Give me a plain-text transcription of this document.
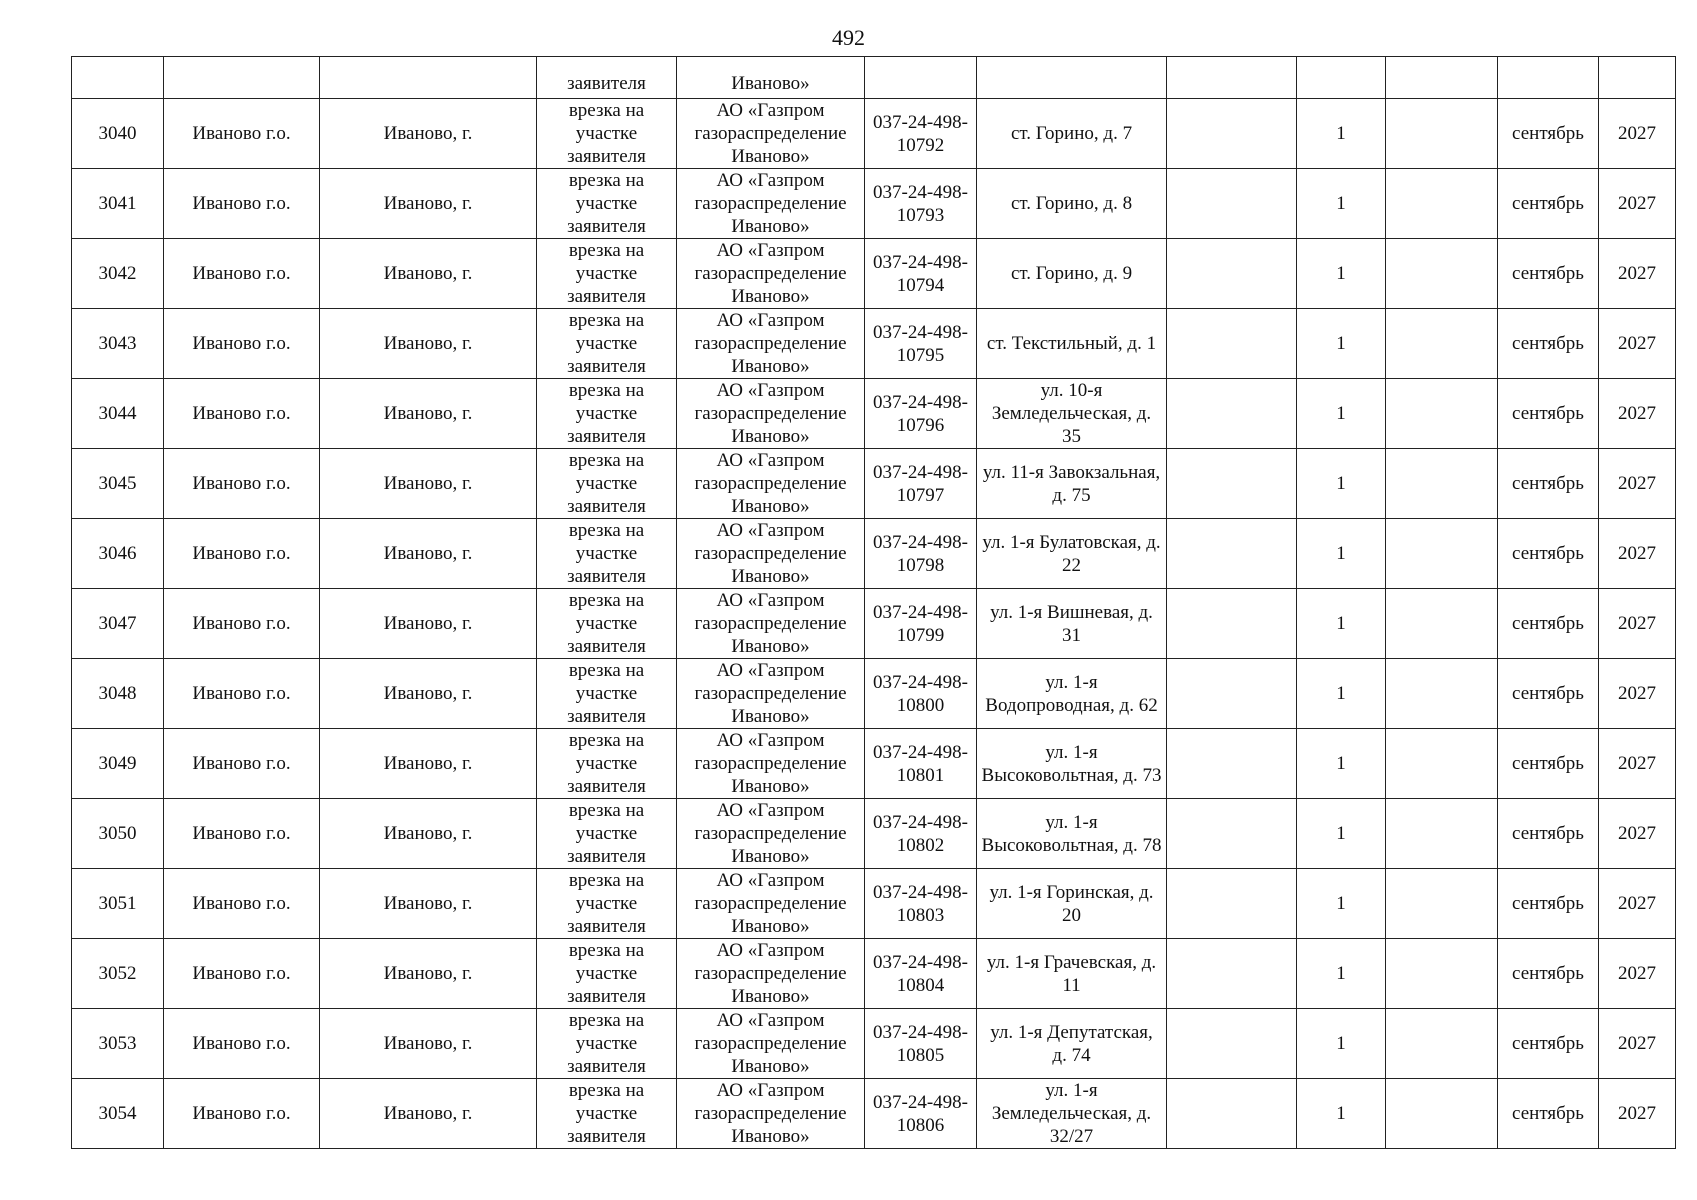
492
			заявителя	Иваново»							
3040	Иваново г.о.	Иваново, г.	врезка на участке заявителя	АО «Газпром газораспределение Иваново»	037-24-498-10792	ст. Горино, д. 7		1		сентябрь	2027
3041	Иваново г.о.	Иваново, г.	врезка на участке заявителя	АО «Газпром газораспределение Иваново»	037-24-498-10793	ст. Горино, д. 8		1		сентябрь	2027
3042	Иваново г.о.	Иваново, г.	врезка на участке заявителя	АО «Газпром газораспределение Иваново»	037-24-498-10794	ст. Горино, д. 9		1		сентябрь	2027
3043	Иваново г.о.	Иваново, г.	врезка на участке заявителя	АО «Газпром газораспределение Иваново»	037-24-498-10795	ст. Текстильный, д. 1		1		сентябрь	2027
3044	Иваново г.о.	Иваново, г.	врезка на участке заявителя	АО «Газпром газораспределение Иваново»	037-24-498-10796	ул. 10-я Земледельческая, д. 35		1		сентябрь	2027
3045	Иваново г.о.	Иваново, г.	врезка на участке заявителя	АО «Газпром газораспределение Иваново»	037-24-498-10797	ул. 11-я Завокзальная, д. 75		1		сентябрь	2027
3046	Иваново г.о.	Иваново, г.	врезка на участке заявителя	АО «Газпром газораспределение Иваново»	037-24-498-10798	ул. 1-я Булатовская, д. 22		1		сентябрь	2027
3047	Иваново г.о.	Иваново, г.	врезка на участке заявителя	АО «Газпром газораспределение Иваново»	037-24-498-10799	ул. 1-я Вишневая, д. 31		1		сентябрь	2027
3048	Иваново г.о.	Иваново, г.	врезка на участке заявителя	АО «Газпром газораспределение Иваново»	037-24-498-10800	ул. 1-я Водопроводная, д. 62		1		сентябрь	2027
3049	Иваново г.о.	Иваново, г.	врезка на участке заявителя	АО «Газпром газораспределение Иваново»	037-24-498-10801	ул. 1-я Высоковольтная, д. 73		1		сентябрь	2027
3050	Иваново г.о.	Иваново, г.	врезка на участке заявителя	АО «Газпром газораспределение Иваново»	037-24-498-10802	ул. 1-я Высоковольтная, д. 78		1		сентябрь	2027
3051	Иваново г.о.	Иваново, г.	врезка на участке заявителя	АО «Газпром газораспределение Иваново»	037-24-498-10803	ул. 1-я Горинская, д. 20		1		сентябрь	2027
3052	Иваново г.о.	Иваново, г.	врезка на участке заявителя	АО «Газпром газораспределение Иваново»	037-24-498-10804	ул. 1-я Грачевская, д. 11		1		сентябрь	2027
3053	Иваново г.о.	Иваново, г.	врезка на участке заявителя	АО «Газпром газораспределение Иваново»	037-24-498-10805	ул. 1-я Депутатская, д. 74		1		сентябрь	2027
3054	Иваново г.о.	Иваново, г.	врезка на участке заявителя	АО «Газпром газораспределение Иваново»	037-24-498-10806	ул. 1-я Земледельческая, д. 32/27		1		сентябрь	2027
